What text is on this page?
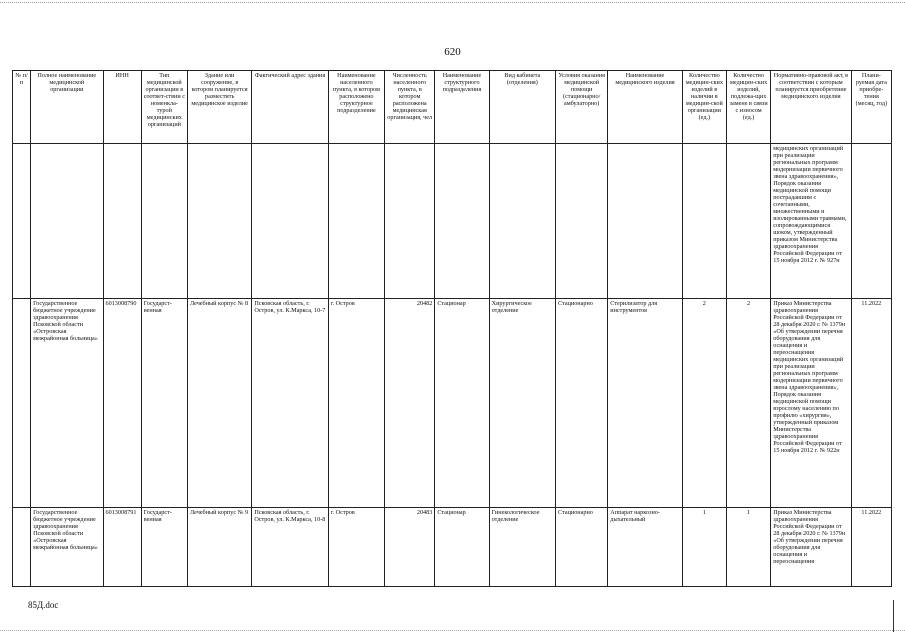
620
№ п/п	Полное наименование медицинской организации	ИНН	Тип медицинской организации в соответ-ствии с номенкла-турой медицинских организаций	Здание или сооружение, в котором планируется разместить медицинское изделие	Фактический адрес здания	Наименование населенного пункта, в котором расположено структурное подразделение	Численность населенного пункта, в котором расположена медицинская организация, чел	Наименование структурного подразделения	Вид кабинета (отделения)	Условия оказания медицинской помощи (стационарно/амбулаторно)	Наименование медицинского изделия	Количество медицин-ских изделий в наличии в медицин-ской организации (ед.)	Количество медицин-ских изделий, подлежа-щих замене в связи с износом (ед.)	Нормативно-правовой акт, в соответствии с которым планируется приобретение медицинского изделия	Плани-руемая дата приобре-тения (месяц, год)
														медицинских организаций при реализации региональных программ модернизации первичного звена здравоохранения», Порядок оказания медицинской помощи пострадавшим с сочетанными, множественными и изолированными травмами, сопровождающимися шоком, утвержденный приказом Министерства здравоохранения Российской Федерации от 15 ноября 2012 г. № 927н	
	Государственное бюджетное учреждение здравоохранения Псковской области «Островская межрайонная больница»	6013008790	Государст-венная	Лечебный корпус № 8	Псковская область, г. Остров, ул. К.Маркса, 10-7	г. Остров	20482	Стационар	Хирургическое отделение	Стационарно	Стерилизатор для инструментов	2	2	Приказ Министерства здравоохранения Российской Федерации от 28 декабря 2020 г. № 1379н «Об утверждении перечня оборудования для оснащения и переоснащения медицинских организаций при реализации региональных программ модернизации первичного звена здравоохранения», Порядок оказания медицинской помощи взрослому населению по профилю «хирургия», утвержденный приказом Министерства здравоохранения Российской Федерации от 15 ноября 2012 г. № 922н	11.2022
	Государственное бюджетное учреждение здравоохранения Псковской области «Островская межрайонная больница»	6013008791	Государст-венная	Лечебный корпус № 9	Псковская область, г. Остров, ул. К.Маркса, 10-8	г. Остров	20483	Стационар	Гинекологическое отделение	Стационарно	Аппарат наркозно-дыхательный	1	1	Приказ Министерства здравоохранения Российской Федерации от 28 декабря 2020 г. № 1379н «Об утверждении перечня оборудования для оснащения и переоснащения	11.2022
85Д.doc
